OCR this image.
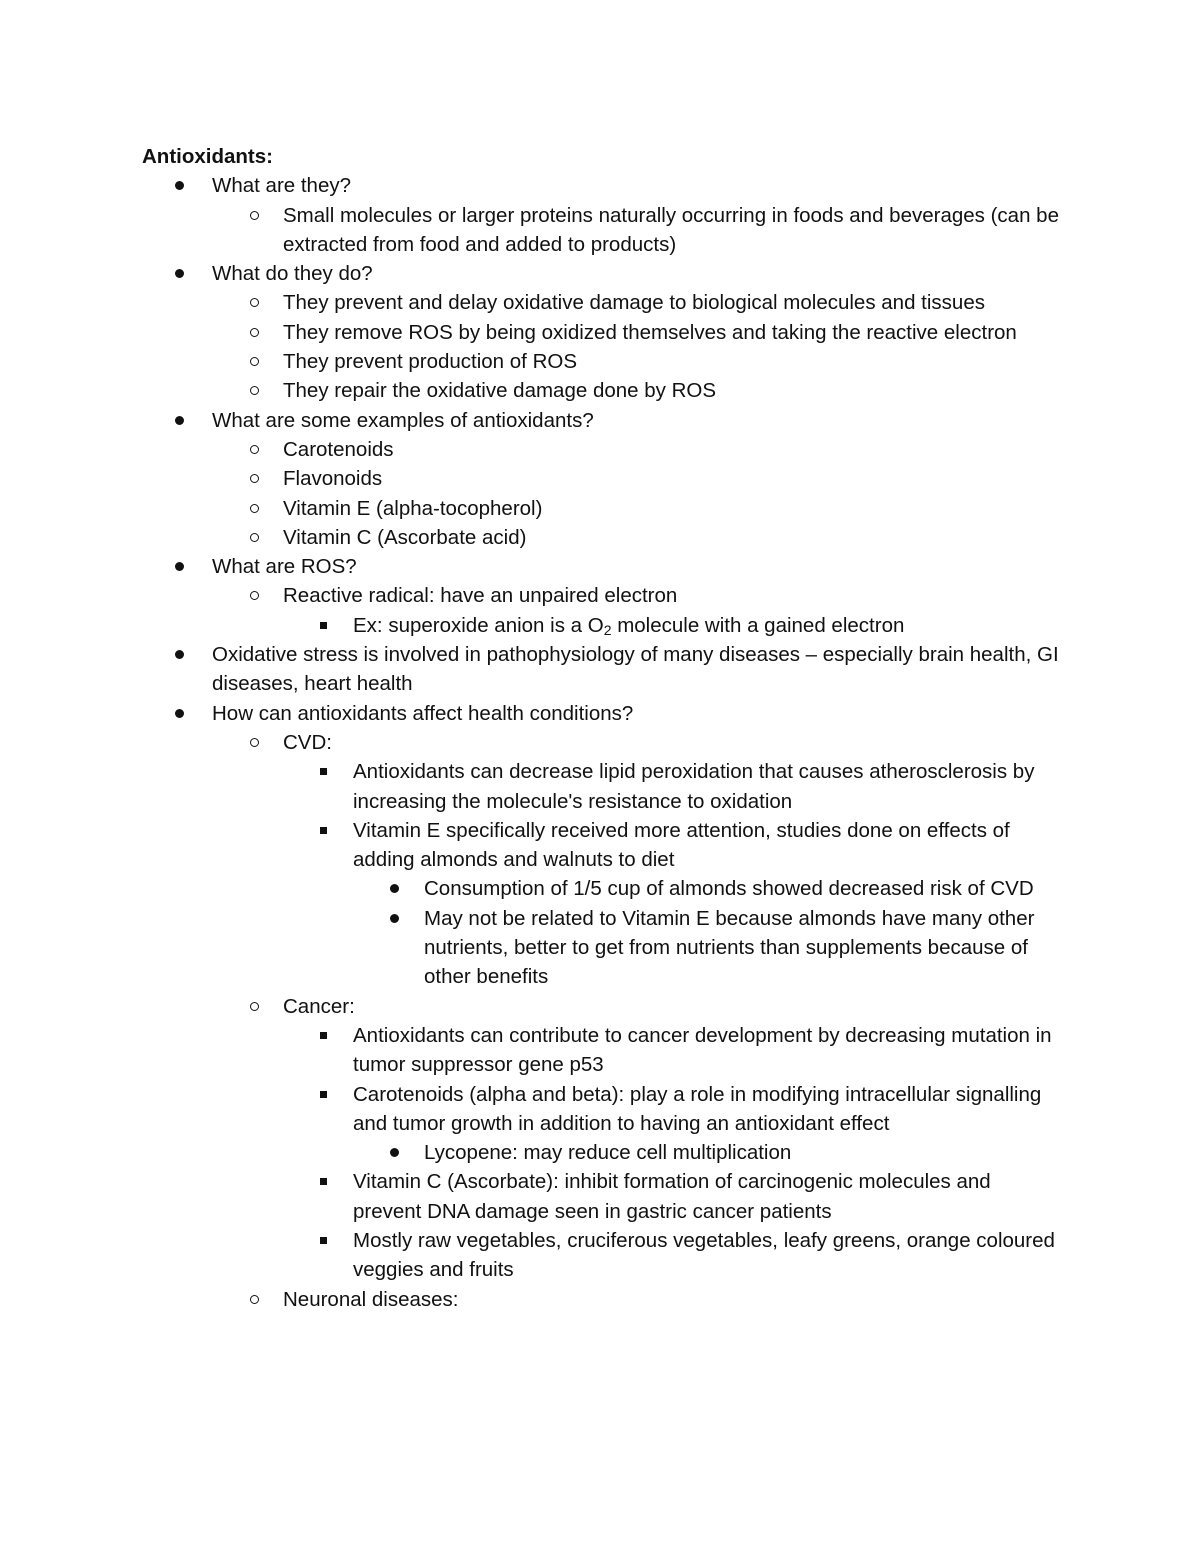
Antioxidants:

What are they?
Small molecules or larger proteins naturally occurring in foods and beverages (can be extracted from food and added to products)
What do they do?
They prevent and delay oxidative damage to biological molecules and tissues
They remove ROS by being oxidized themselves and taking the reactive electron
They prevent production of ROS
They repair the oxidative damage done by ROS
What are some examples of antioxidants?
Carotenoids
Flavonoids
Vitamin E (alpha-tocopherol)
Vitamin C (Ascorbate acid)
What are ROS?
Reactive radical: have an unpaired electron
Ex: superoxide anion is a $O_2$ molecule with a gained electron
Oxidative stress is involved in pathophysiology of many diseases – especially brain health, GI diseases, heart health
How can antioxidants affect health conditions?
CVD:
Antioxidants can decrease lipid peroxidation that causes atherosclerosis by increasing the molecule's resistance to oxidation
Vitamin E specifically received more attention, studies done on effects of adding almonds and walnuts to diet
Consumption of 1/5 cup of almonds showed decreased risk of CVD
May not be related to Vitamin E because almonds have many other nutrients, better to get from nutrients than supplements because of other benefits
Cancer:
Antioxidants can contribute to cancer development by decreasing mutation in tumor suppressor gene p53
Carotenoids (alpha and beta): play a role in modifying intracellular signalling and tumor growth in addition to having an antioxidant effect
Lycopene: may reduce cell multiplication
Vitamin C (Ascorbate): inhibit formation of carcinogenic molecules and prevent DNA damage seen in gastric cancer patients
Mostly raw vegetables, cruciferous vegetables, leafy greens, orange coloured veggies and fruits
Neuronal diseases:
